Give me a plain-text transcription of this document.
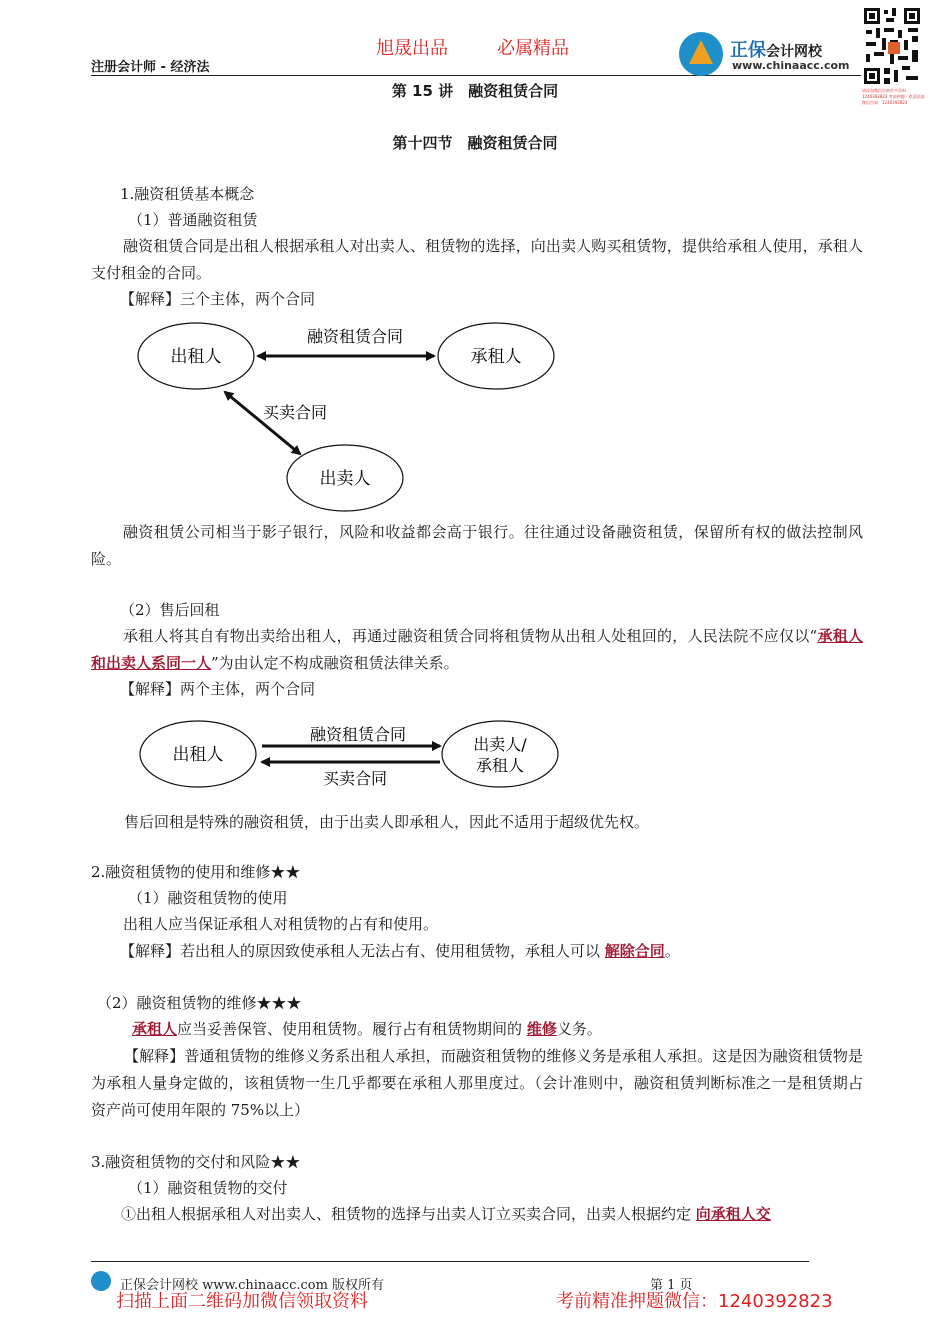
旭晟出品	必属精品
注册会计师 - 经济法
正保会计网校
www.chinaacc.com
请添加微信咨询更多资料：1240392823 考前押题 · 欢迎添加微信咨询：1240392823
第 15 讲　融资租赁合同
第十四节　融资租赁合同
1.融资租赁基本概念
（1）普通融资租赁
融资租赁合同是出租人根据承租人对出卖人、租赁物的选择，向出卖人购买租赁物，提供给承租人使用，承租人支付租金的合同。
【解释】三个主体，两个合同
出租人	承租人
出卖人
融资租赁合同
买卖合同
融资租赁公司相当于影子银行，风险和收益都会高于银行。往往通过设备融资租赁，保留所有权的做法控制风险。
（2）售后回租
承租人将其自有物出卖给出租人，再通过融资租赁合同将租赁物从出租人处租回的，人民法院不应仅以“承租人和出卖人系同一人”为由认定不构成融资租赁法律关系。
【解释】两个主体，两个合同
出租人
出卖人/
承租人
融资租赁合同
买卖合同
售后回租是特殊的融资租赁，由于出卖人即承租人，因此不适用于超级优先权。
2.融资租赁物的使用和维修★★
（1）融资租赁物的使用
出租人应当保证承租人对租赁物的占有和使用。
【解释】若出租人的原因致使承租人无法占有、使用租赁物，承租人可以 解除合同。
（2）融资租赁物的维修★★★
承租人应当妥善保管、使用租赁物。履行占有租赁物期间的 维修义务。
【解释】普通租赁物的维修义务系出租人承担，而融资租赁物的维修义务是承租人承担。这是因为融资租赁物是为承租人量身定做的，该租赁物一生几乎都要在承租人那里度过。（会计准则中，融资租赁判断标准之一是租赁期占资产尚可使用年限的 75%以上）
3.融资租赁物的交付和风险★★
（1）融资租赁物的交付
①出租人根据承租人对出卖人、租赁物的选择与出卖人订立买卖合同，出卖人根据约定 向承租人交
正保会计网校 www.chinaacc.com 版权所有	第 1 页
扫描上面二维码加微信领取资料	考前精准押题微信：1240392823
